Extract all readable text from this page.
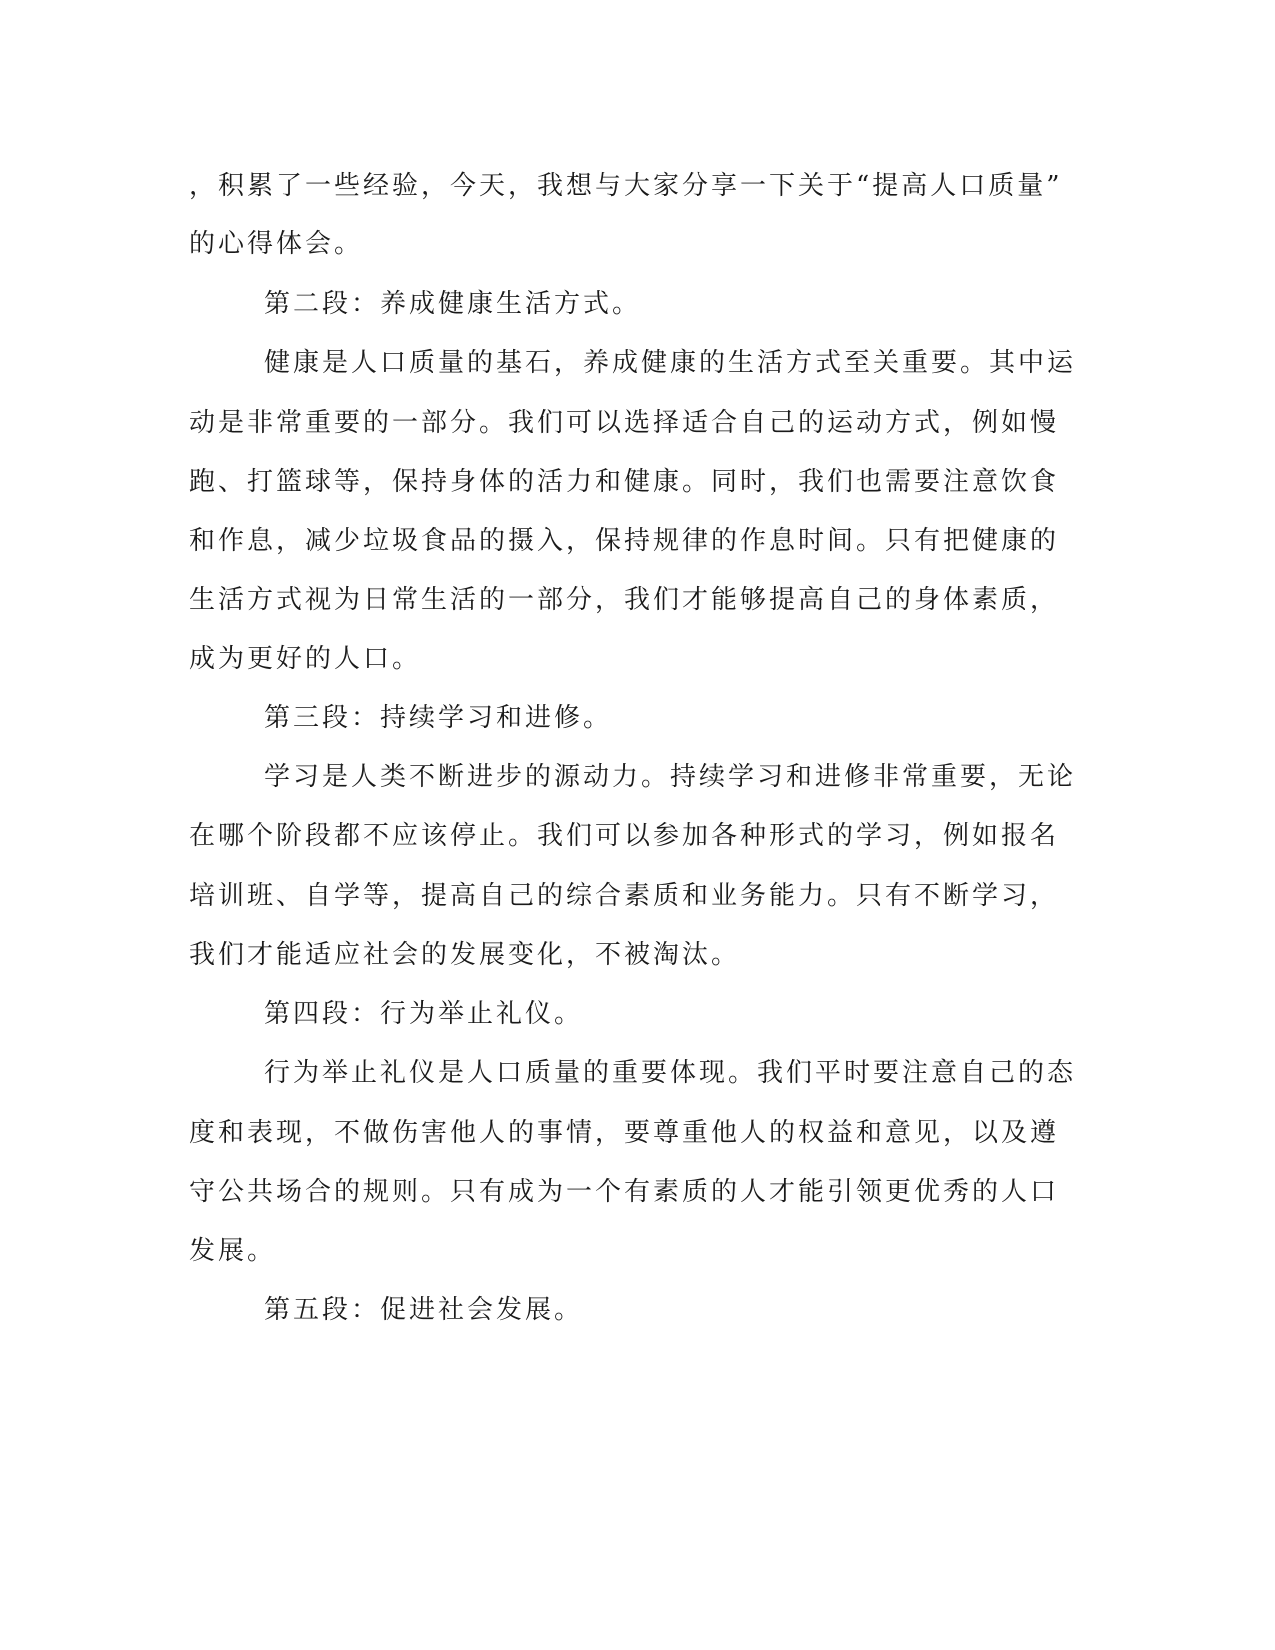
，积累了一些经验，今天，我想与大家分享一下关于“提高人口质量”
的心得体会。
第二段：养成健康生活方式。
健康是人口质量的基石，养成健康的生活方式至关重要。其中运
动是非常重要的一部分。我们可以选择适合自己的运动方式，例如慢
跑、打篮球等，保持身体的活力和健康。同时，我们也需要注意饮食
和作息，减少垃圾食品的摄入，保持规律的作息时间。只有把健康的
生活方式视为日常生活的一部分，我们才能够提高自己的身体素质，
成为更好的人口。
第三段：持续学习和进修。
学习是人类不断进步的源动力。持续学习和进修非常重要，无论
在哪个阶段都不应该停止。我们可以参加各种形式的学习，例如报名
培训班、自学等，提高自己的综合素质和业务能力。只有不断学习，
我们才能适应社会的发展变化，不被淘汰。
第四段：行为举止礼仪。
行为举止礼仪是人口质量的重要体现。我们平时要注意自己的态
度和表现，不做伤害他人的事情，要尊重他人的权益和意见，以及遵
守公共场合的规则。只有成为一个有素质的人才能引领更优秀的人口
发展。
第五段：促进社会发展。
